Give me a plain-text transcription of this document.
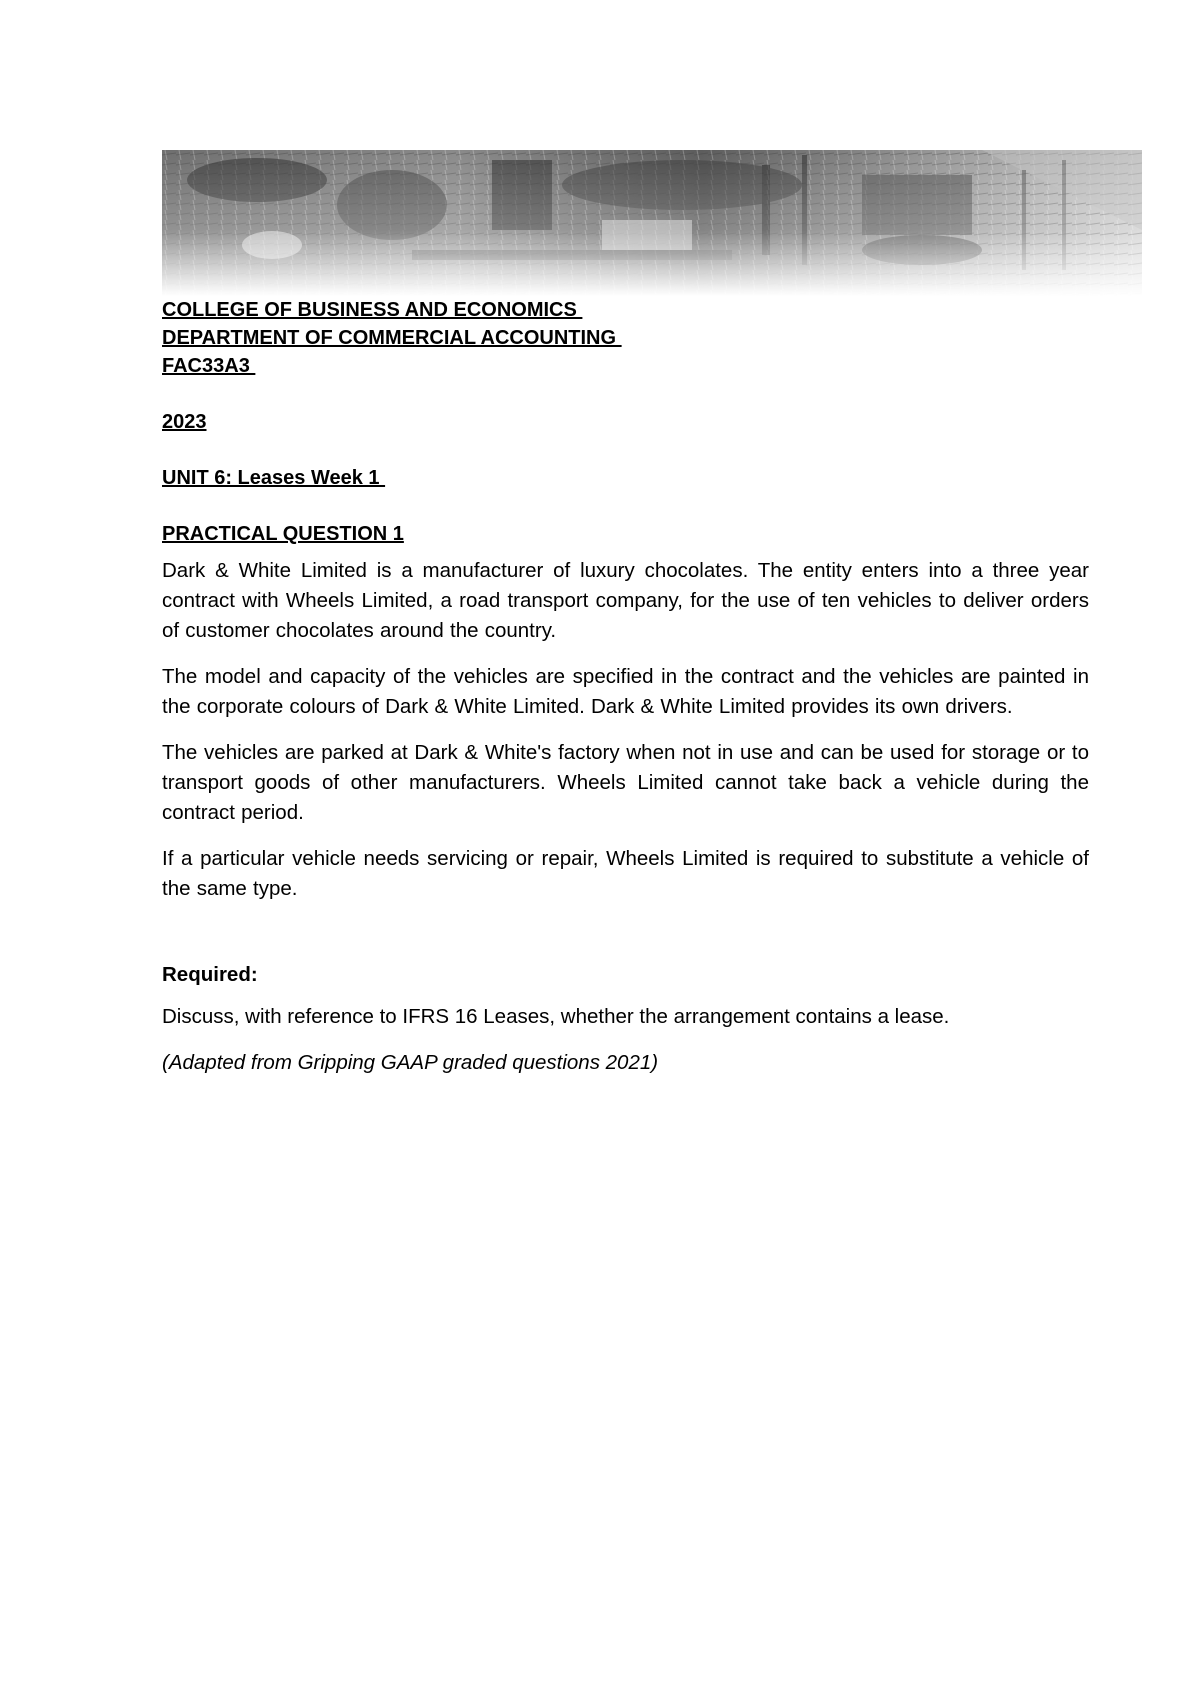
COLLEGE OF BUSINESS AND ECONOMICS

DEPARTMENT OF COMMERCIAL ACCOUNTING

FAC33A3

2023

UNIT 6: Leases Week 1

PRACTICAL QUESTION 1

Dark & White Limited is a manufacturer of luxury chocolates. The entity enters into a three year contract with Wheels Limited, a road transport company, for the use of ten vehicles to deliver orders of customer chocolates around the country.

The model and capacity of the vehicles are specified in the contract and the vehicles are painted in the corporate colours of Dark & White Limited. Dark & White Limited provides its own drivers.

The vehicles are parked at Dark & White's factory when not in use and can be used for storage or to transport goods of other manufacturers. Wheels Limited cannot take back a vehicle during the contract period.

If a particular vehicle needs servicing or repair, Wheels Limited is required to substitute a vehicle of the same type.

Required:

Discuss, with reference to IFRS 16 Leases, whether the arrangement contains a lease.

(Adapted from Gripping GAAP graded questions 2021)
